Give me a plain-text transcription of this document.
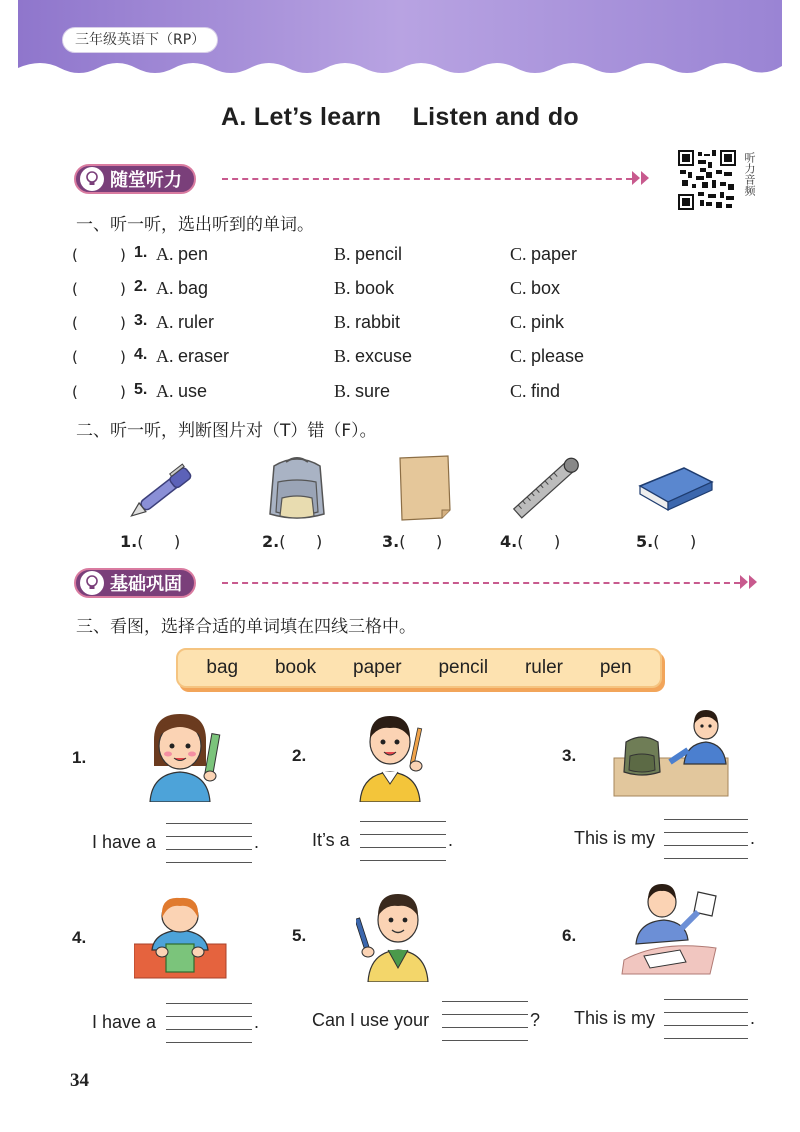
三年级英语下（RP）
A. Let’s learn Listen and do
随堂听力	听力音频
一、听一听，选出听到的单词。
(	) 1. A. pen	B. pencil	C. paper
(	) 2. A. bag	B. book	C. box
(	) 3. A. ruler	B. rabbit	C. pink
(	) 4. A. eraser	B. excuse	C. please
(	) 5. A. use	B. sure	C. find
二、听一听，判断图片对（T）错（F）。
1.(      )	2.(      )	3.(      )	4.(      )	5.(      )
基础巩固
三、看图，选择合适的单词填在四线三格中。
bag book paper pencil ruler pen
1.	2.	3.
4.	5.	6.
I have a	.	It’s a	.	This is my	.
I have a	.	Can I use your	? This is my	.
34
